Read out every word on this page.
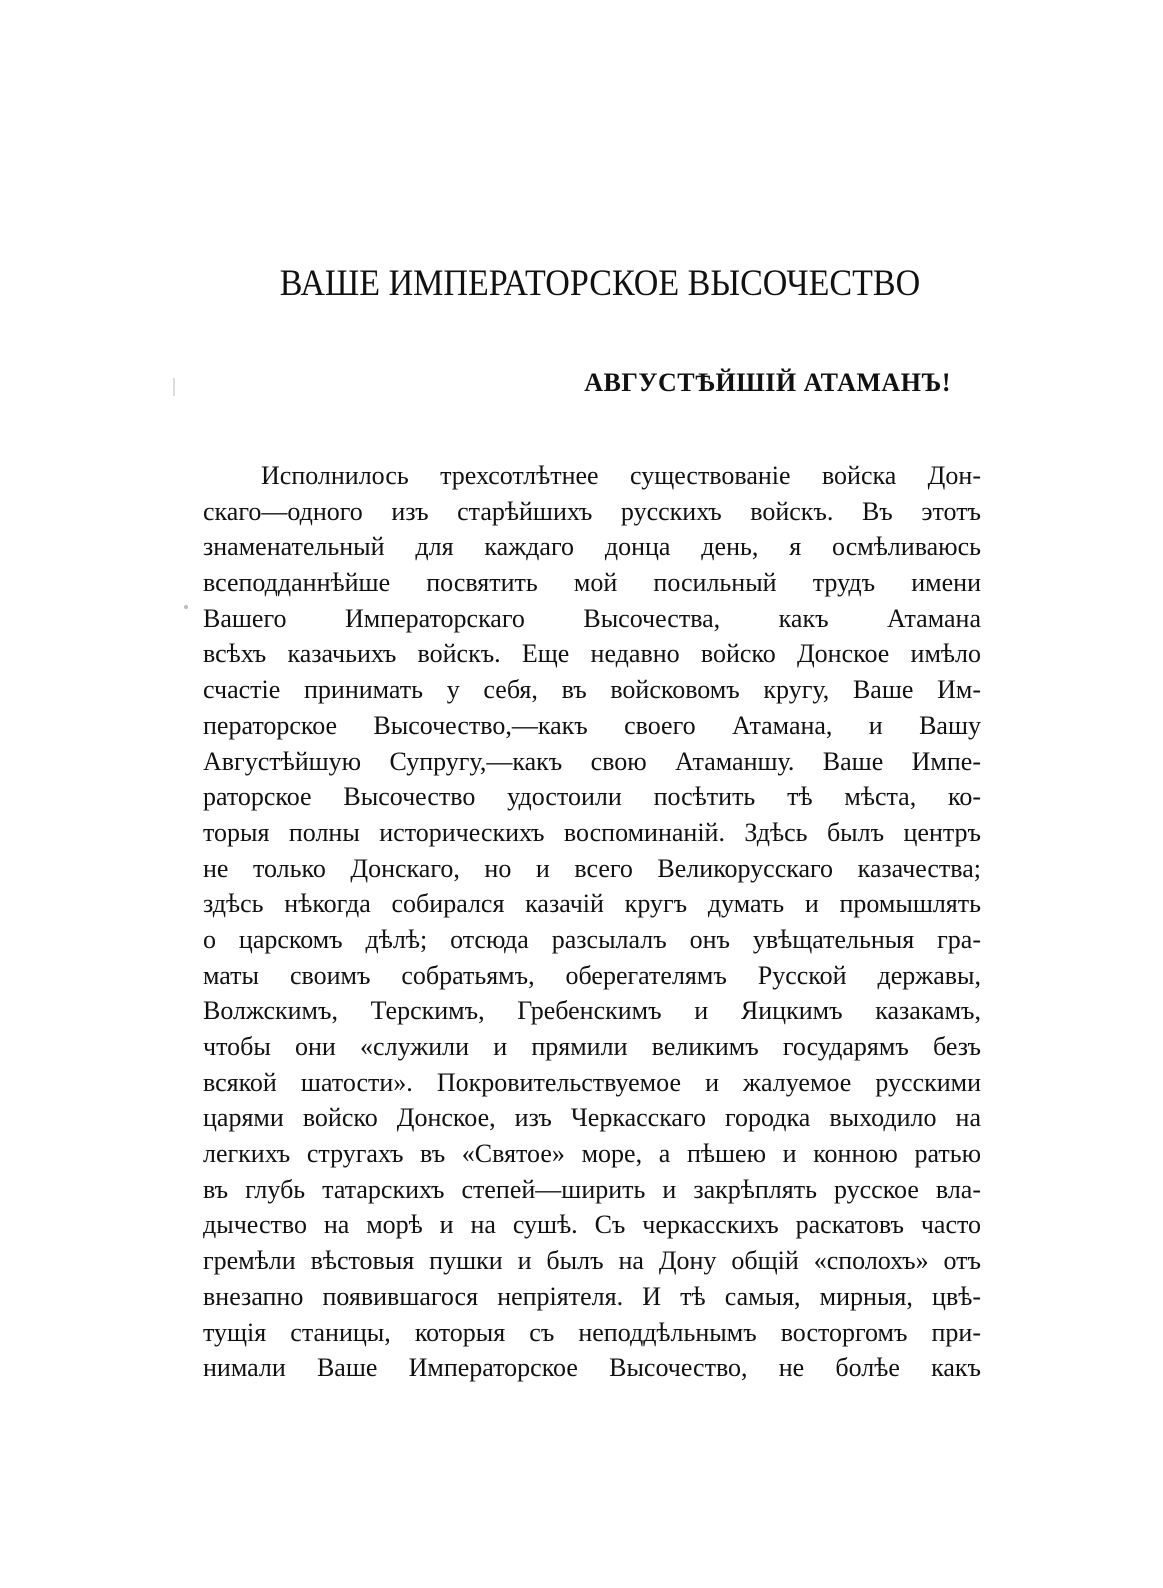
ВАШЕ ИМПЕРАТОРСКОЕ ВЫСОЧЕСТВО
АВГУСТѢЙШІЙ АТАМАНЪ!
Исполнилось трехсотлѣтнее существованіе войска Дон-
скаго—одного изъ старѣйшихъ русскихъ войскъ. Въ этотъ
знаменательный для каждаго донца день, я осмѣливаюсь
всеподданнѣйше посвятить мой посильный трудъ имени
Вашего Императорскаго Высочества, какъ Атамана
всѣхъ казачьихъ войскъ. Еще недавно войско Донское имѣло
счастіе принимать у себя, въ войсковомъ кругу, Ваше Им-
ператорское Высочество,—какъ своего Атамана, и Вашу
Августѣйшую Супругу,—какъ свою Атаманшу. Ваше Импе-
раторское Высочество удостоили посѣтить тѣ мѣста, ко-
торыя полны историческихъ воспоминаній. Здѣсь былъ центръ
не только Донскаго, но и всего Великорусскаго казачества;
здѣсь нѣкогда собирался казачій кругъ думать и промышлять
о царскомъ дѣлѣ; отсюда разсылалъ онъ увѣщательныя гра-
маты своимъ собратьямъ, оберегателямъ Русской державы,
Волжскимъ, Терскимъ, Гребенскимъ и Яицкимъ казакамъ,
чтобы они «служили и прямили великимъ государямъ безъ
всякой шатости». Покровительствуемое и жалуемое русскими
царями войско Донское, изъ Черкасскаго городка выходило на
легкихъ стругахъ въ «Святое» море, а пѣшею и конною ратью
въ глубь татарскихъ степей—ширить и закрѣплять русское вла-
дычество на морѣ и на сушѣ. Съ черкасскихъ раскатовъ часто
гремѣли вѣстовыя пушки и былъ на Дону общій «сполохъ» отъ
внезапно появившагося непріятеля. И тѣ самыя, мирныя, цвѣ-
тущія станицы, которыя съ неподдѣльнымъ восторгомъ при-
нимали Ваше Императорское Высочество, не болѣе какъ
